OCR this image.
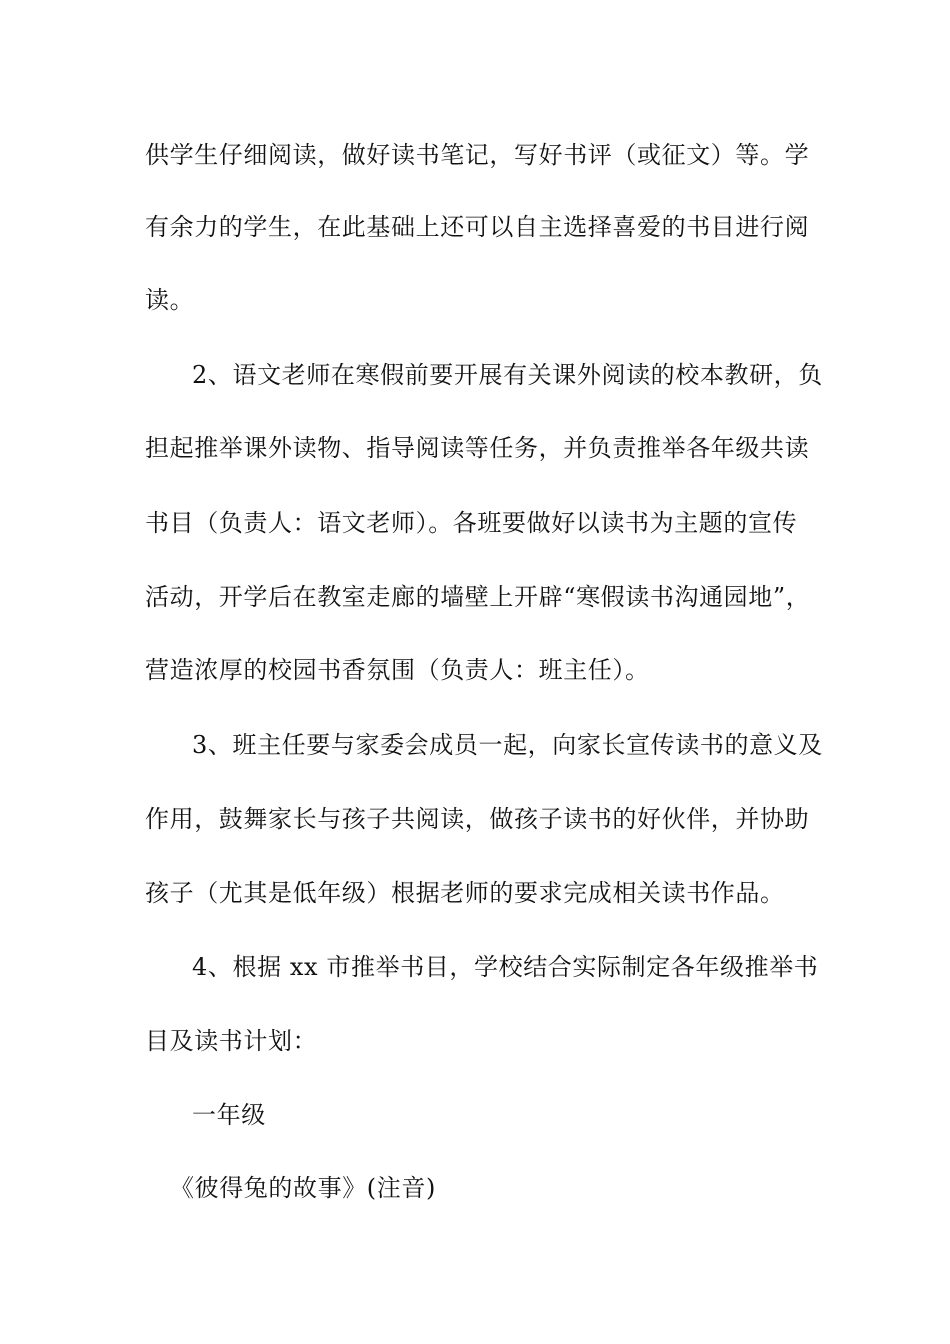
供学生仔细阅读，做好读书笔记，写好书评（或征文）等。学
有余力的学生，在此基础上还可以自主选择喜爱的书目进行阅
读。
2、语文老师在寒假前要开展有关课外阅读的校本教研，负
担起推举课外读物、指导阅读等任务，并负责推举各年级共读
书目（负责人：语文老师）。各班要做好以读书为主题的宣传
活动，开学后在教室走廊的墙壁上开辟“寒假读书沟通园地”，
营造浓厚的校园书香氛围（负责人：班主任）。
3、班主任要与家委会成员一起，向家长宣传读书的意义及
作用，鼓舞家长与孩子共阅读，做孩子读书的好伙伴，并协助
孩子（尤其是低年级）根据老师的要求完成相关读书作品。
4、根据 xx 市推举书目，学校结合实际制定各年级推举书
目及读书计划：
一年级
《彼得兔的故事》(注音)
